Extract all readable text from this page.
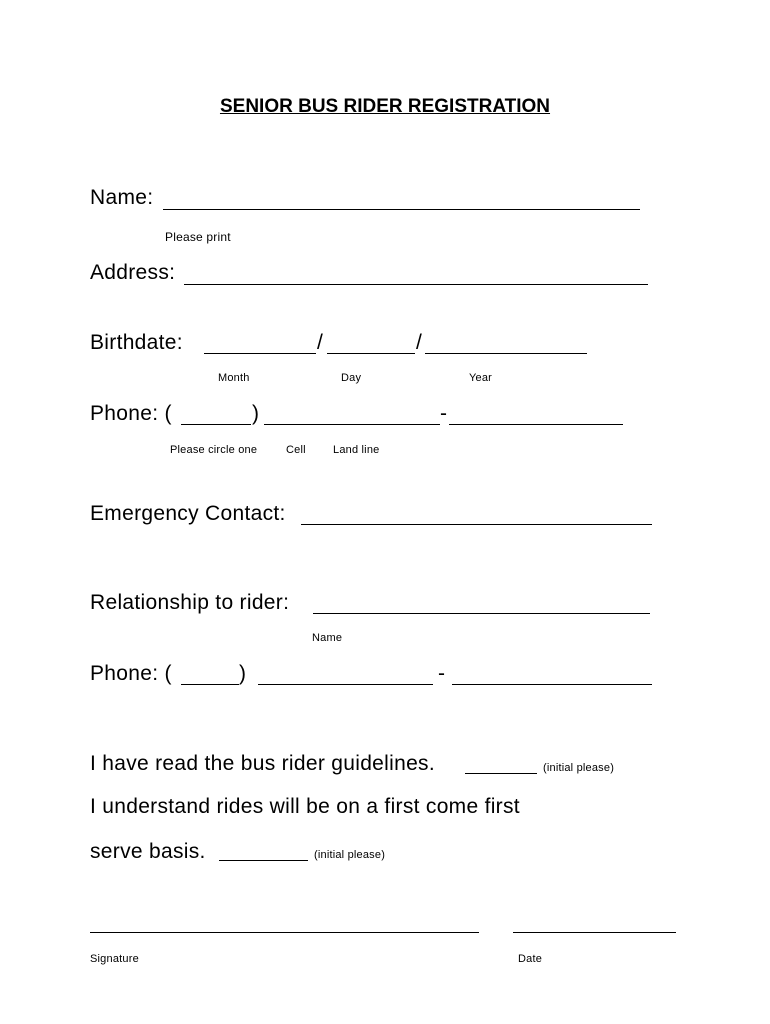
SENIOR BUS RIDER REGISTRATION
Name:
Please print
Address:
Birthdate:	/	/
Month	Day	Year
Phone: (	)	-
Please circle one	Cell Land line
Emergency Contact:
Relationship to rider:
Name
Phone: (	)	-
I have read the bus rider guidelines.	(initial please)
I understand rides will be on a first come first
serve basis.	(initial please)
Signature	Date
